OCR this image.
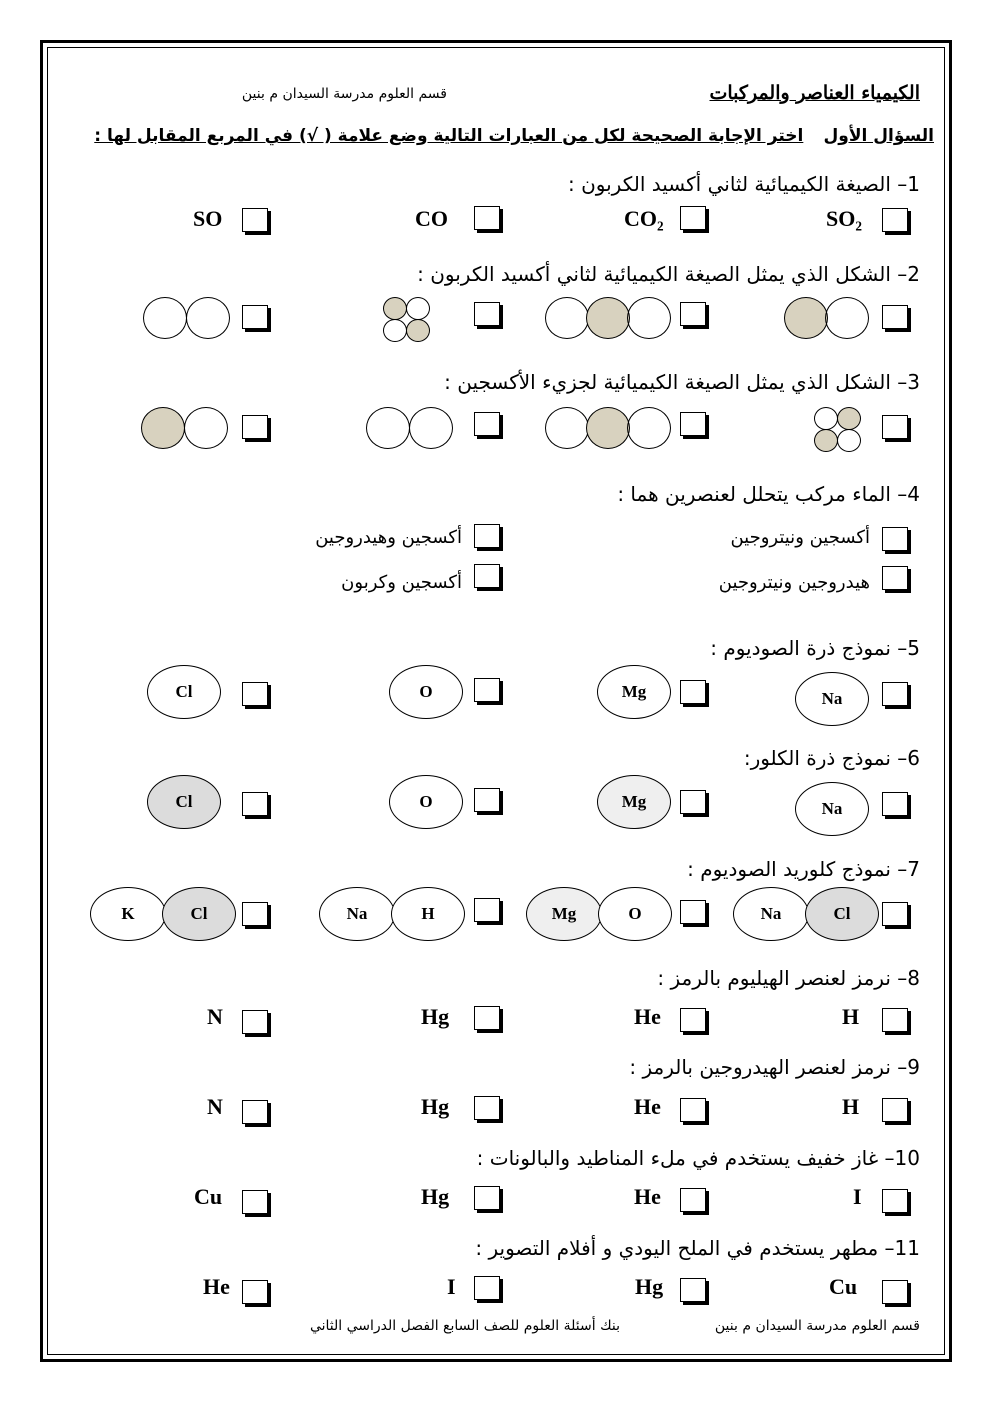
الكيمياء العناصر والمركبات
قسم العلوم مدرسة السيدان م بنين
السؤال الأول  اختر الإجابة الصحيحة لكل من العبارات التالية وضع علامة ( √) في المربع المقابل لها :
1– الصيغة الكيميائية لثاني أكسيد الكربون :
SO₂
CO₂
CO
SO
2– الشكل الذي يمثل الصيغة الكيميائية لثاني أكسيد الكربون :
3– الشكل الذي يمثل الصيغة الكيميائية لجزيء الأكسجين :
4– الماء مركب يتحلل لعنصرين هما :
أكسجين ونيتروجين
أكسجين وهيدروجين
هيدروجين ونيتروجين
أكسجين وكربون
5– نموذج ذرة الصوديوم :
Na
Mg
O
Cl
6– نموذج ذرة الكلور:
Na
Mg
O
Cl
7– نموذج كلوريد الصوديوم :
Na	Cl
Mg	O
Na	H
K	Cl
8– نرمز لعنصر الهيليوم بالرمز :
H
He
Hg
N
9– نرمز لعنصر الهيدروجين بالرمز :
H
He
Hg
N
10– غاز خفيف يستخدم في ملء المناطيد والبالونات :
I
He
Hg
Cu
11– مطهر يستخدم في الملح اليودي و أفلام التصوير :
Cu
Hg
I
He
قسم العلوم مدرسة السيدان م بنين
بنك أسئلة العلوم للصف السابع الفصل الدراسي الثاني
